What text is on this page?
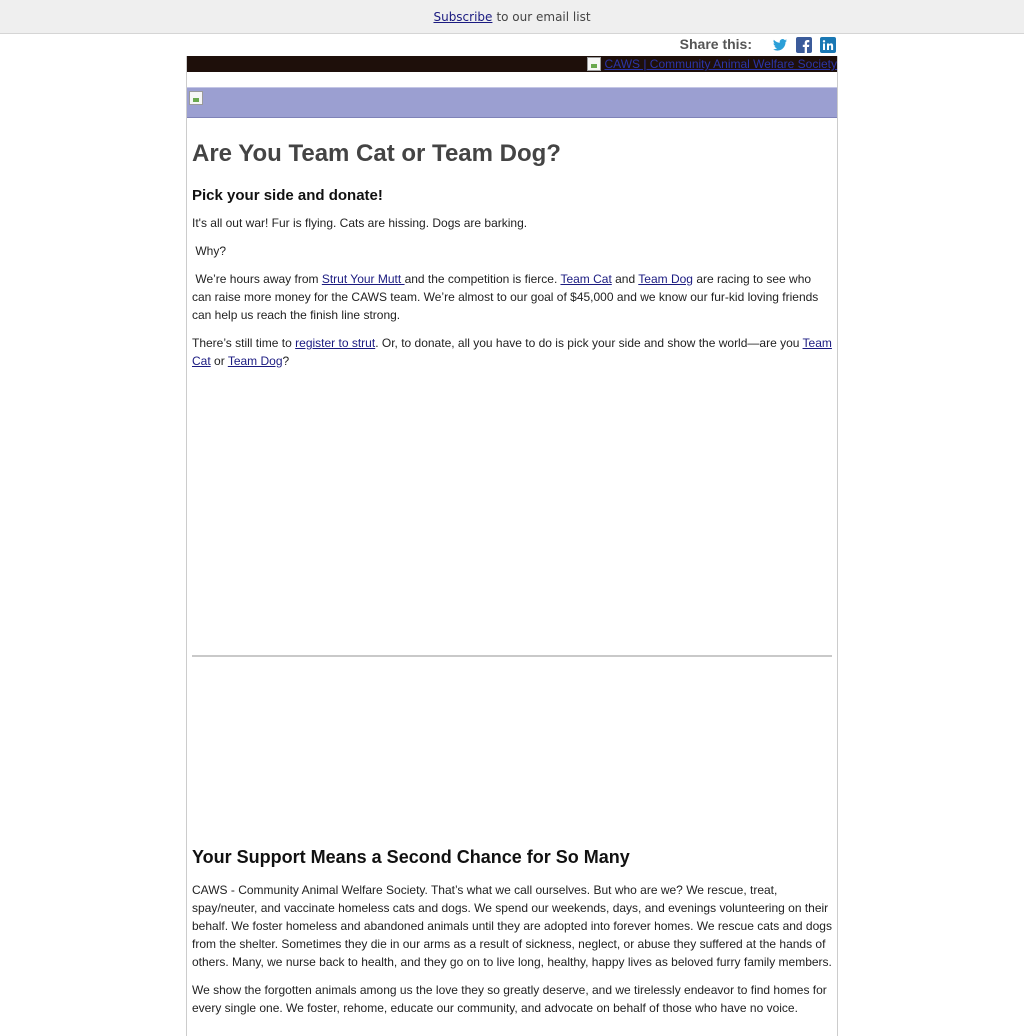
Subscribe to our email list
Share this:
CAWS | Community Animal Welfare Society
Are You Team Cat or Team Dog?
Pick your side and donate!

It's all out war! Fur is flying. Cats are hissing. Dogs are barking.

Why?

We’re hours away from Strut Your Mutt and the competition is fierce. Team Cat and Team Dog are racing to see who can raise more money for the CAWS team. We’re almost to our goal of $45,000 and we know our fur-kid loving friends can help us reach the finish line strong.

There’s still time to register to strut. Or, to donate, all you have to do is pick your side and show the world—are you Team Cat or Team Dog?

Your Support Means a Second Chance for So Many

CAWS - Community Animal Welfare Society. That’s what we call ourselves. But who are we? We rescue, treat, spay/neuter, and vaccinate homeless cats and dogs. We spend our weekends, days, and evenings volunteering on their behalf. We foster homeless and abandoned animals until they are adopted into forever homes. We rescue cats and dogs from the shelter. Sometimes they die in our arms as a result of sickness, neglect, or abuse they suffered at the hands of others. Many, we nurse back to health, and they go on to live long, healthy, happy lives as beloved furry family members.

We show the forgotten animals among us the love they so greatly deserve, and we tirelessly endeavor to find homes for every single one. We foster, rehome, educate our community, and advocate on behalf of those who have no voice.
